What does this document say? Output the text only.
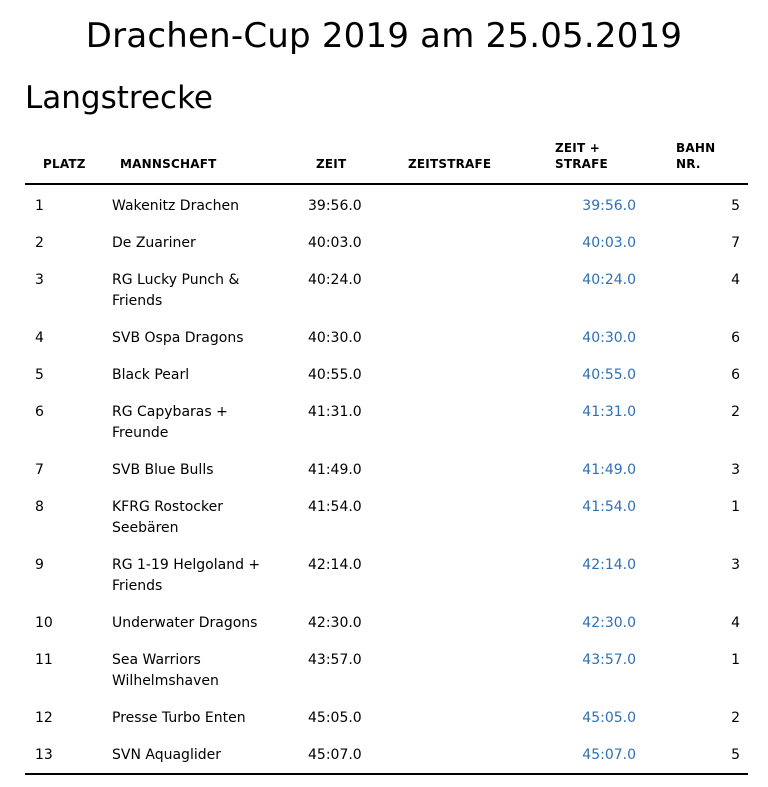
Drachen-Cup 2019 am 25.05.2019
Langstrecke
PLATZ	MANNSCHAFT	ZEIT	ZEITSTRAFE	ZEIT +
STRAFE	BAHN
NR.
1	Wakenitz Drachen	39:56.0		39:56.0	5
2	De Zuariner	40:03.0		40:03.0	7
3	RG Lucky Punch &
Friends	40:24.0		40:24.0	4
4	SVB Ospa Dragons	40:30.0		40:30.0	6
5	Black Pearl	40:55.0		40:55.0	6
6	RG Capybaras +
Freunde	41:31.0		41:31.0	2
7	SVB Blue Bulls	41:49.0		41:49.0	3
8	KFRG Rostocker
Seebären	41:54.0		41:54.0	1
9	RG 1-19 Helgoland +
Friends	42:14.0		42:14.0	3
10	Underwater Dragons	42:30.0		42:30.0	4
11	Sea Warriors
Wilhelmshaven	43:57.0		43:57.0	1
12	Presse Turbo Enten	45:05.0		45:05.0	2
13	SVN Aquaglider	45:07.0		45:07.0	5
